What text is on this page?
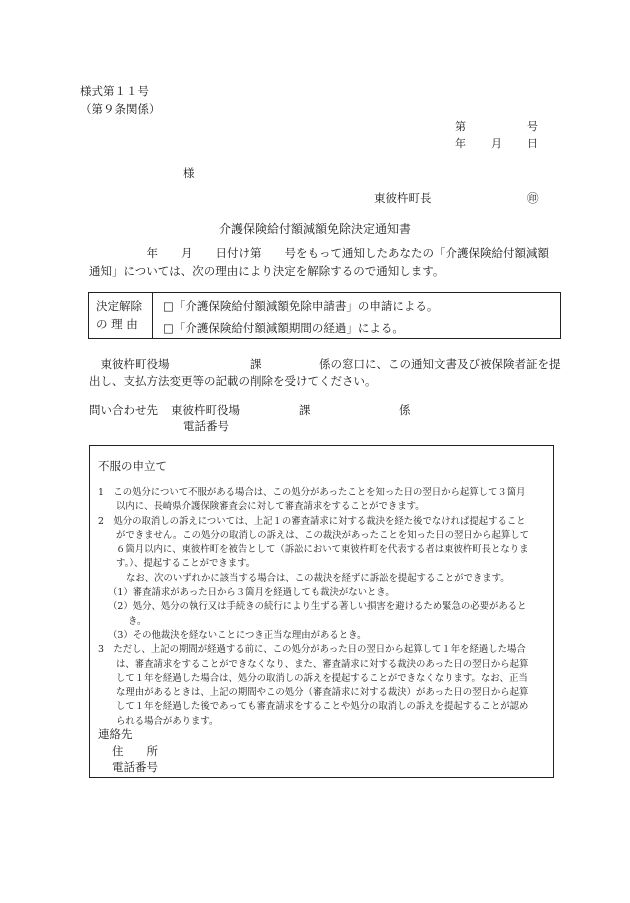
様式第１１号
（第９条関係）
第	号
年 月 日
様
東彼杵町長	㊞
介護保険給付額減額免除決定通知書
　　　　　年　　月　　日付け第　　号をもって通知したあなたの「介護保険給付額減額
通知」については、次の理由により決定を解除するので通知します。
決定解除
の 理 由
□「介護保険給付額減額免除申請書」の申請による。
□「介護保険給付額減額期間の経過」による。
　東彼杵町役場　　　　　　　課　　　　　係の窓口に、この通知文書及び被保険者証を提
出し、支払方法変更等の記載の削除を受けてください。
問い合わせ先 東彼杵町役場	課	係
電話番号
不服の申立て
1　この処分について不服がある場合は、この処分があったことを知った日の翌日から起算して３箇月以内に、長崎県介護保険審査会に対して審査請求をすることができます。
2　処分の取消しの訴えについては、上記１の審査請求に対する裁決を経た後でなければ提起することができません。この処分の取消しの訴えは、この裁決があったことを知った日の翌日から起算して６箇月以内に、東彼杵町を被告として（訴訟において東彼杵町を代表する者は東彼杵町長となります。）、提起することができます。
なお、次のいずれかに該当する場合は、この裁決を経ずに訴訟を提起することができます。
（1）審査請求があった日から３箇月を経過しても裁決がないとき。
（2）処分、処分の執行又は手続きの続行により生ずる著しい損害を避けるため緊急の必要があるとき。
（3）その他裁決を経ないことにつき正当な理由があるとき。
3　ただし、上記の期間が経過する前に、この処分があった日の翌日から起算して１年を経過した場合は、審査請求をすることができなくなり、また、審査請求に対する裁決のあった日の翌日から起算して１年を経過した場合は、処分の取消しの訴えを提起することができなくなります。なお、正当な理由があるときは、上記の期間やこの処分（審査請求に対する裁決）があった日の翌日から起算して１年を経過した後であっても審査請求をすることや処分の取消しの訴えを提起することが認められる場合があります。
連絡先
住　　所
電話番号
